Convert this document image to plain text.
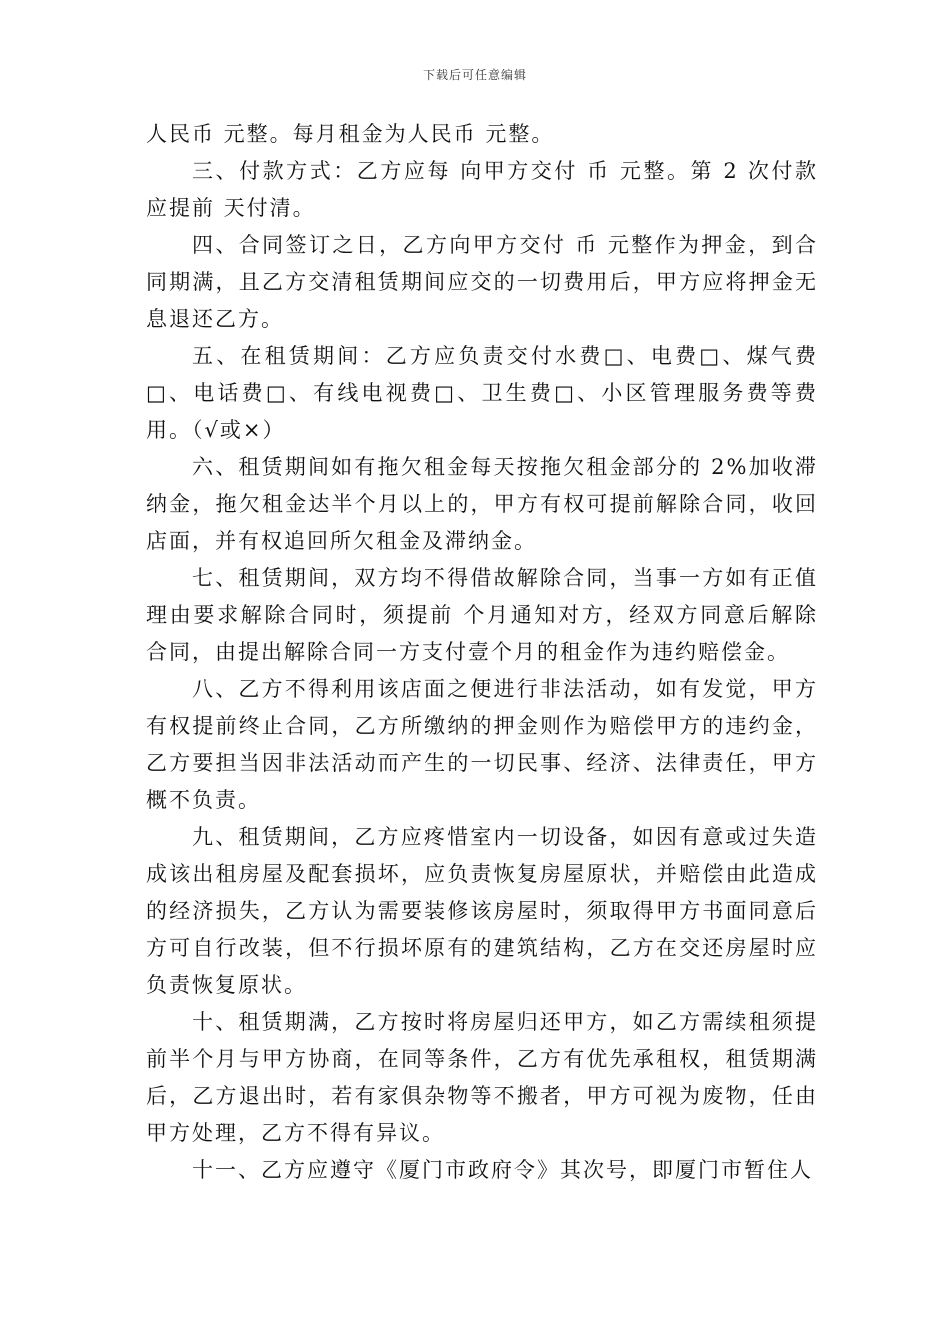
下载后可任意编辑

人民币 元整。每月租金为人民币 元整。

三、付款方式：乙方应每 向甲方交付 币 元整。第 2 次付款应提前 天付清。

四、合同签订之日，乙方向甲方交付 币 元整作为押金，到合同期满，且乙方交清租赁期间应交的一切费用后，甲方应将押金无息退还乙方。

五、在租赁期间：乙方应负责交付水费□、电费□、煤气费□、电话费□、有线电视费□、卫生费□、小区管理服务费等费用。（√或×）

六、租赁期间如有拖欠租金每天按拖欠租金部分的 2%加收滞纳金，拖欠租金达半个月以上的，甲方有权可提前解除合同，收回店面，并有权追回所欠租金及滞纳金。

七、租赁期间，双方均不得借故解除合同，当事一方如有正值理由要求解除合同时，须提前 个月通知对方，经双方同意后解除合同，由提出解除合同一方支付壹个月的租金作为违约赔偿金。

八、乙方不得利用该店面之便进行非法活动，如有发觉，甲方有权提前终止合同，乙方所缴纳的押金则作为赔偿甲方的违约金，乙方要担当因非法活动而产生的一切民事、经济、法律责任，甲方概不负责。

九、租赁期间，乙方应疼惜室内一切设备，如因有意或过失造成该出租房屋及配套损坏，应负责恢复房屋原状，并赔偿由此造成的经济损失，乙方认为需要装修该房屋时，须取得甲方书面同意后方可自行改装，但不行损坏原有的建筑结构，乙方在交还房屋时应负责恢复原状。

十、租赁期满，乙方按时将房屋归还甲方，如乙方需续租须提前半个月与甲方协商，在同等条件，乙方有优先承租权，租赁期满后，乙方退出时，若有家俱杂物等不搬者，甲方可视为废物，任由甲方处理，乙方不得有异议。

十一、乙方应遵守《厦门市政府令》其次号，即厦门市暂住人
